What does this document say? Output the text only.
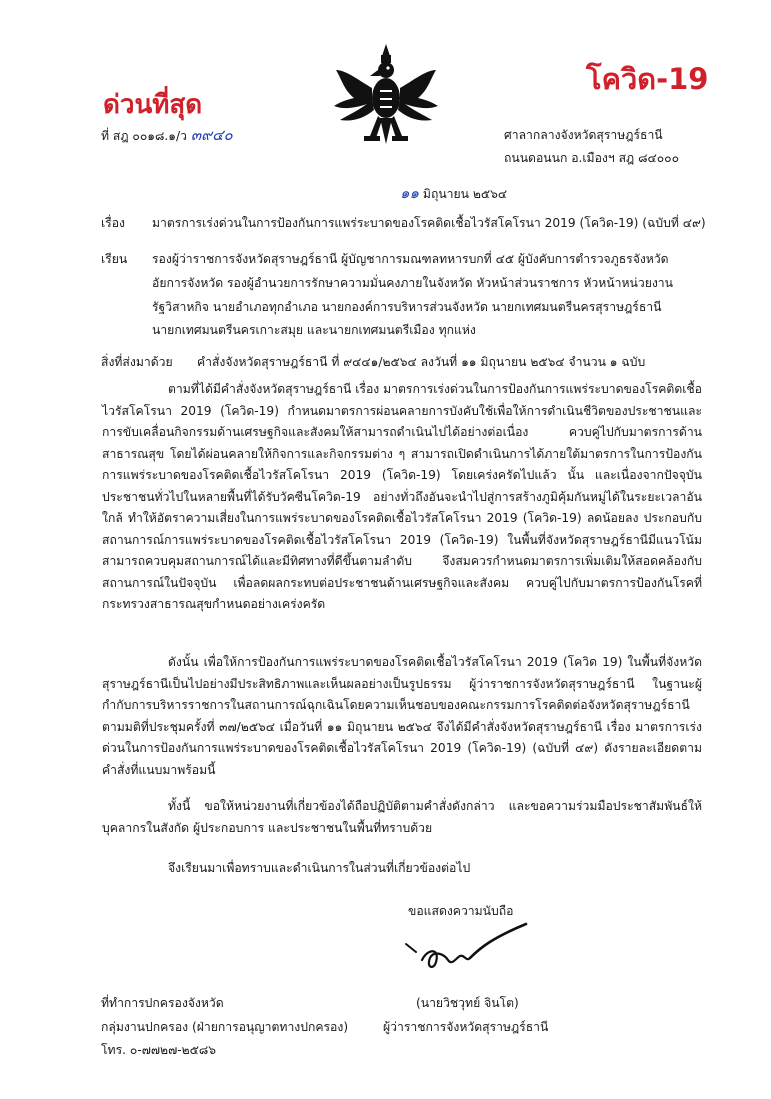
ด่วนที่สุด
โควิด-19
ที่ สฎ ๐๐๑๘.๑/ว ๓๙๔๐	ศาลากลางจังหวัดสุราษฎร์ธานี
ถนนดอนนก อ.เมืองฯ สฎ ๘๔๐๐๐
๑๑ มิถุนายน ๒๕๖๔
เรื่อง มาตรการเร่งด่วนในการป้องกันการแพร่ระบาดของโรคติดเชื้อไวรัสโคโรนา 2019 (โควิด-19) (ฉบับที่ ๔๙)
เรียน รองผู้ว่าราชการจังหวัดสุราษฎร์ธานี ผู้บัญชาการมณฑลทหารบกที่ ๔๕ ผู้บังคับการตำรวจภูธรจังหวัด
อัยการจังหวัด รองผู้อำนวยการรักษาความมั่นคงภายในจังหวัด หัวหน้าส่วนราชการ หัวหน้าหน่วยงาน
รัฐวิสาหกิจ นายอำเภอทุกอำเภอ นายกองค์การบริหารส่วนจังหวัด นายกเทศมนตรีนครสุราษฎร์ธานี
นายกเทศมนตรีนครเกาะสมุย และนายกเทศมนตรีเมือง ทุกแห่ง
สิ่งที่ส่งมาด้วย คำสั่งจังหวัดสุราษฎร์ธานี ที่ ๙๔๔๑/๒๕๖๔ ลงวันที่ ๑๑ มิถุนายน ๒๕๖๔ จำนวน ๑ ฉบับ
ตามที่ได้มีคำสั่งจังหวัดสุราษฎร์ธานี เรื่อง มาตรการเร่งด่วนในการป้องกันการแพร่ระบาดของโรคติดเชื้อไวรัสโคโรนา 2019 (โควิด-19) กำหนดมาตรการผ่อนคลายการบังคับใช้เพื่อให้การดำเนินชีวิตของประชาชนและการขับเคลื่อนกิจกรรมด้านเศรษฐกิจและสังคมให้สามารถดำเนินไปได้อย่างต่อเนื่อง ควบคู่ไปกับมาตรการด้านสาธารณสุข โดยได้ผ่อนคลายให้กิจการและกิจกรรมต่าง ๆ สามารถเปิดดำเนินการได้ภายใต้มาตรการในการป้องกันการแพร่ระบาดของโรคติดเชื้อไวรัสโคโรนา 2019 (โควิด-19) โดยเคร่งครัดไปแล้ว นั้น และเนื่องจากปัจจุบันประชาชนทั่วไปในหลายพื้นที่ได้รับวัคซีนโควิด-19 อย่างทั่วถึงอันจะนำไปสู่การสร้างภูมิคุ้มกันหมู่ได้ในระยะเวลาอันใกล้ ทำให้อัตราความเสี่ยงในการแพร่ระบาดของโรคติดเชื้อไวรัสโคโรนา 2019 (โควิด-19) ลดน้อยลง ประกอบกับสถานการณ์การแพร่ระบาดของโรคติดเชื้อไวรัสโคโรนา 2019 (โควิด-19) ในพื้นที่จังหวัดสุราษฎร์ธานีมีแนวโน้มสามารถควบคุมสถานการณ์ได้และมีทิศทางที่ดีขึ้นตามลำดับ จึงสมควรกำหนดมาตรการเพิ่มเติมให้สอดคล้องกับสถานการณ์ในปัจจุบัน เพื่อลดผลกระทบต่อประชาชนด้านเศรษฐกิจและสังคม ควบคู่ไปกับมาตรการป้องกันโรคที่กระทรวงสาธารณสุขกำหนดอย่างเคร่งครัด
ดังนั้น เพื่อให้การป้องกันการแพร่ระบาดของโรคติดเชื้อไวรัสโคโรนา 2019 (โควิด 19) ในพื้นที่จังหวัดสุราษฎร์ธานีเป็นไปอย่างมีประสิทธิภาพและเห็นผลอย่างเป็นรูปธรรม ผู้ว่าราชการจังหวัดสุราษฎร์ธานี ในฐานะผู้กำกับการบริหารราชการในสถานการณ์ฉุกเฉินโดยความเห็นชอบของคณะกรรมการโรคติดต่อจังหวัดสุราษฎร์ธานี ตามมติที่ประชุมครั้งที่ ๓๗/๒๕๖๔ เมื่อวันที่ ๑๑ มิถุนายน ๒๕๖๔ จึงได้มีคำสั่งจังหวัดสุราษฎร์ธานี เรื่อง มาตรการเร่งด่วนในการป้องกันการแพร่ระบาดของโรคติดเชื้อไวรัสโคโรนา 2019 (โควิด-19) (ฉบับที่ ๔๙) ดังรายละเอียดตามคำสั่งที่แนบมาพร้อมนี้
ทั้งนี้ ขอให้หน่วยงานที่เกี่ยวข้องได้ถือปฏิบัติตามคำสั่งดังกล่าว และขอความร่วมมือประชาสัมพันธ์ให้บุคลากรในสังกัด ผู้ประกอบการ และประชาชนในพื้นที่ทราบด้วย
จึงเรียนมาเพื่อทราบและดำเนินการในส่วนที่เกี่ยวข้องต่อไป
ขอแสดงความนับถือ
(นายวิชวุทย์ จินโต)
ผู้ว่าราชการจังหวัดสุราษฎร์ธานี
ที่ทำการปกครองจังหวัด
กลุ่มงานปกครอง (ฝ่ายการอนุญาตทางปกครอง)
โทร. ๐-๗๗๒๗-๒๕๘๖
